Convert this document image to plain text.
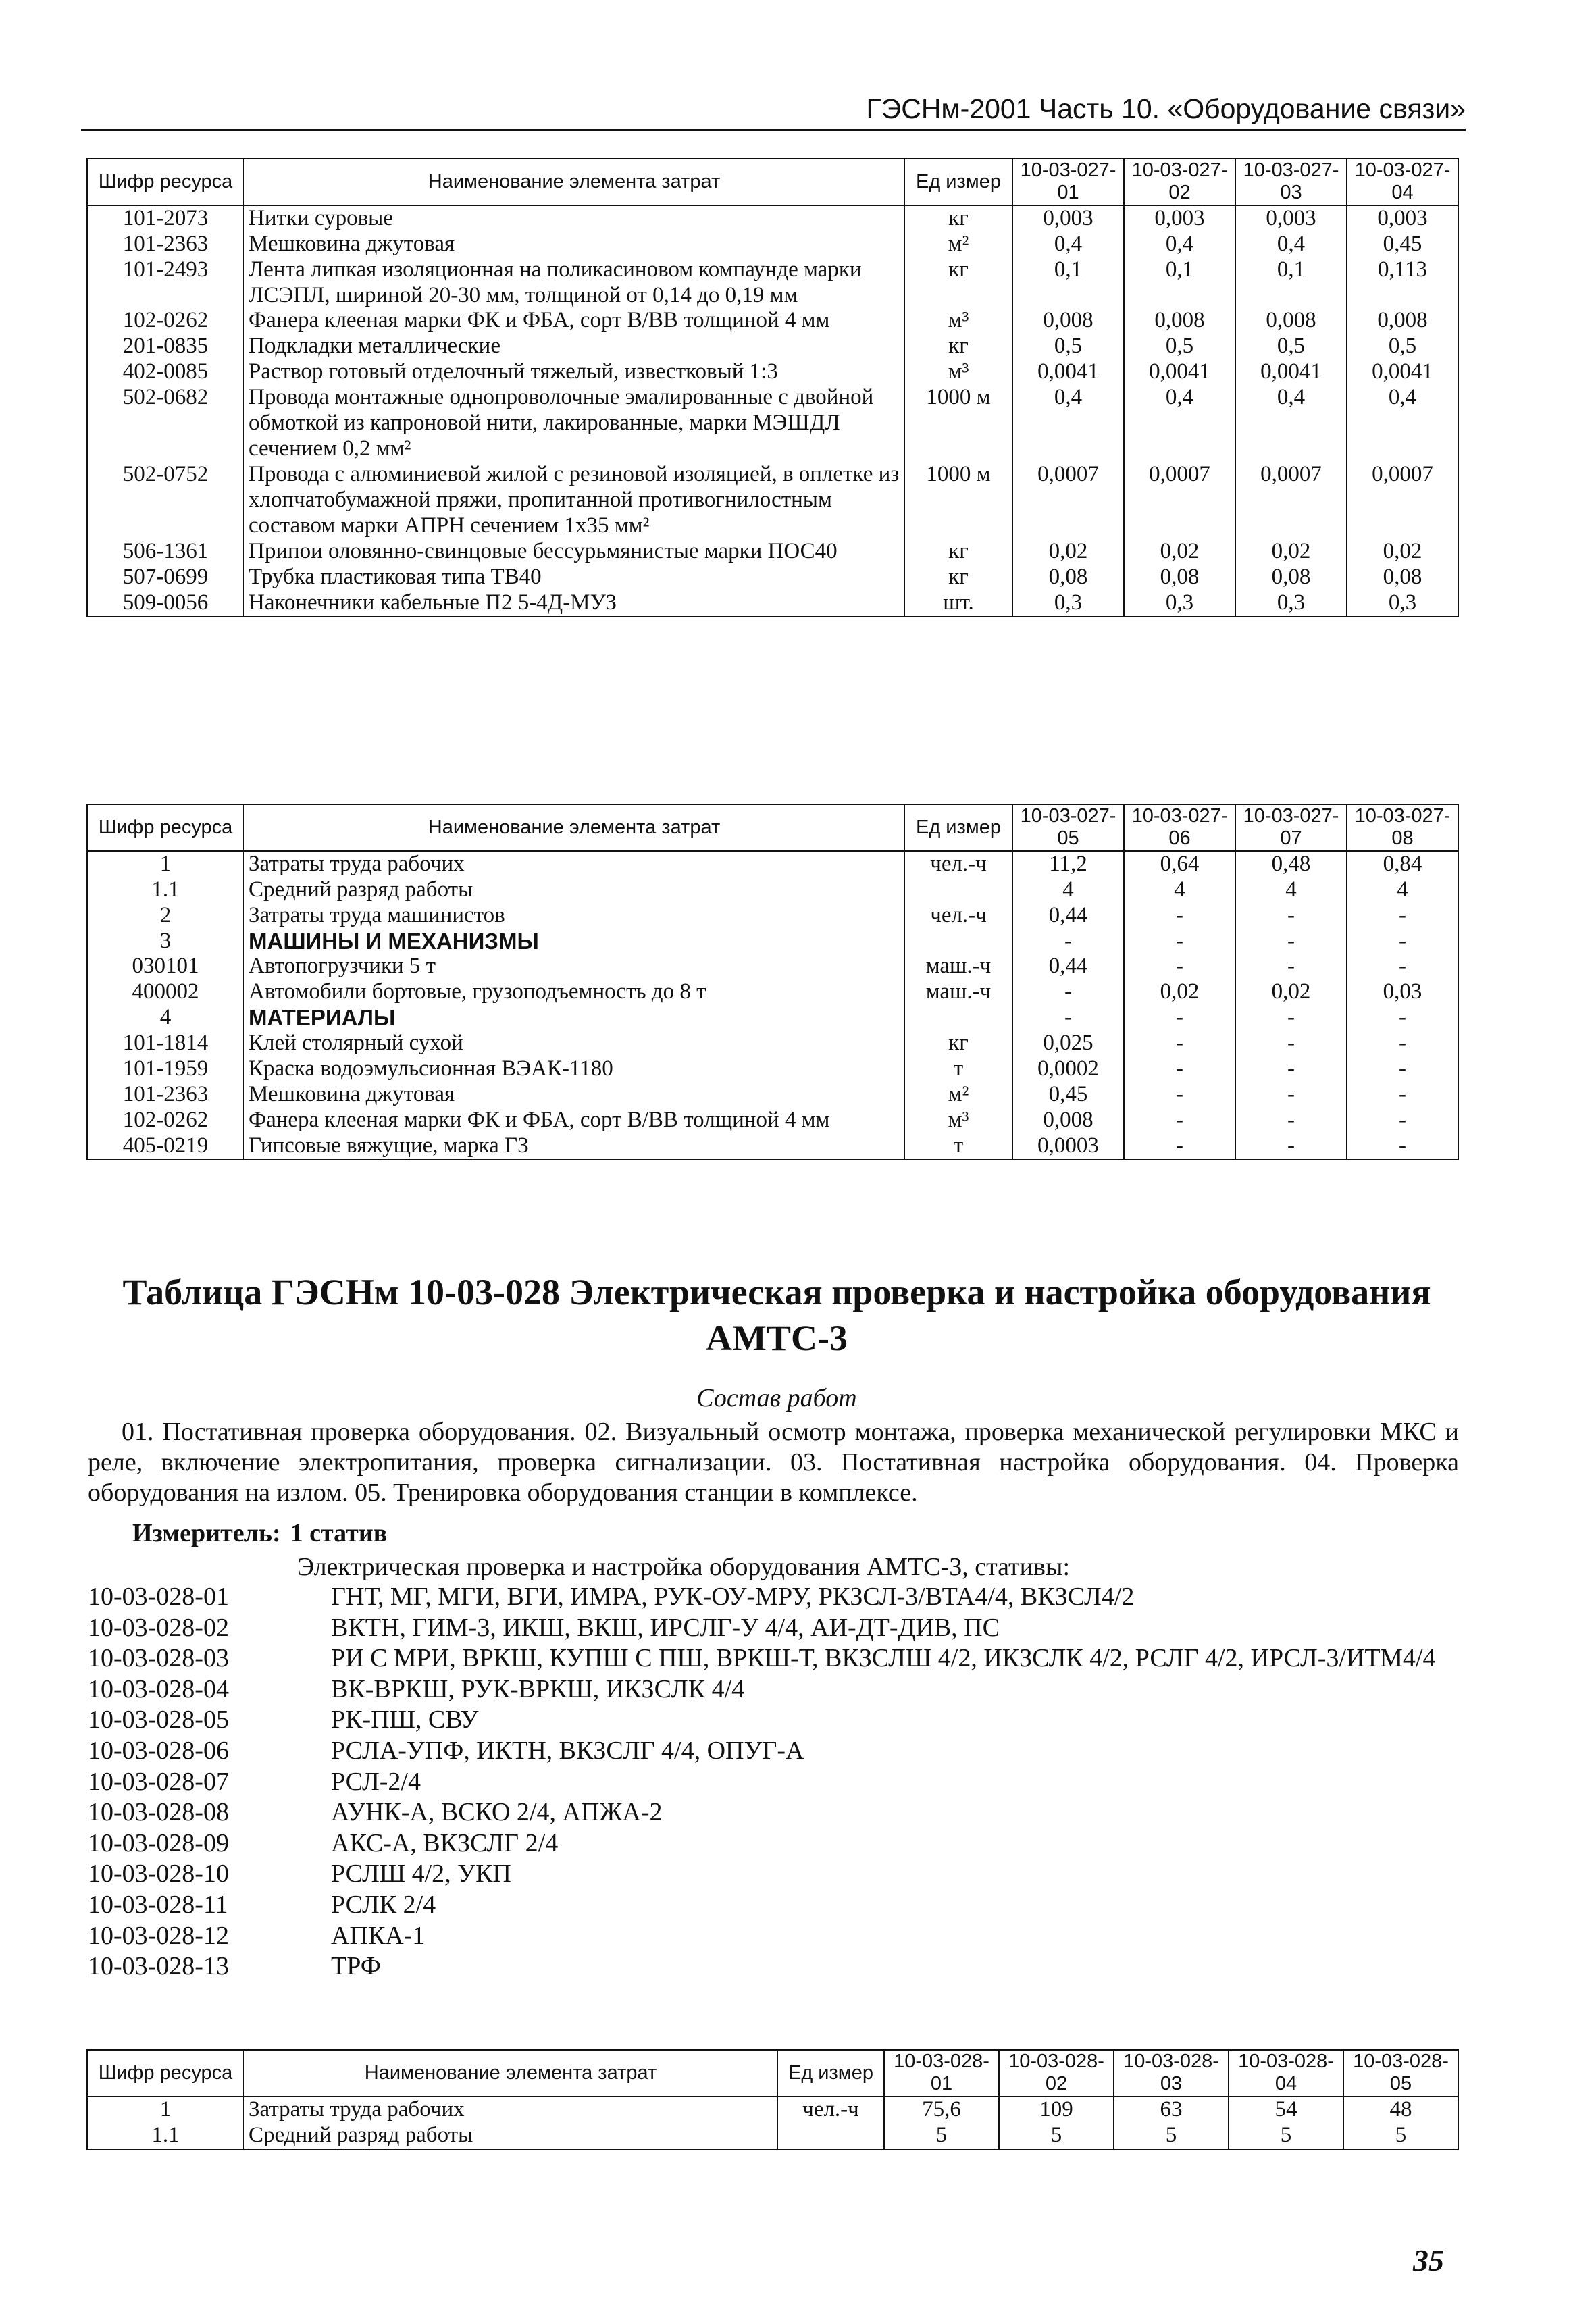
ГЭСНм-2001 Часть 10. «Оборудование связи»
Шифр ресурса	Наименование элемента затрат	Ед измер	10-03-027-01	10-03-027-02	10-03-027-03	10-03-027-04
101-2073	Нитки суровые	кг	0,003	0,003	0,003	0,003
101-2363	Мешковина джутовая	м²	0,4	0,4	0,4	0,45
101-2493	Лента липкая изоляционная на поликасиновом компаунде марки ЛСЭПЛ, шириной 20-30 мм, толщиной от 0,14 до 0,19 мм	кг	0,1	0,1	0,1	0,113
102-0262	Фанера клееная марки ФК и ФБА, сорт В/ВВ толщиной 4 мм	м³	0,008	0,008	0,008	0,008
201-0835	Подкладки металлические	кг	0,5	0,5	0,5	0,5
402-0085	Раствор готовый отделочный тяжелый, известковый 1:3	м³	0,0041	0,0041	0,0041	0,0041
502-0682	Провода монтажные однопроволочные эмалированные с двойной обмоткой из капроновой нити, лакированные, марки МЭШДЛ сечением 0,2 мм²	1000 м	0,4	0,4	0,4	0,4
502-0752	Провода с алюминиевой жилой с резиновой изоляцией, в оплетке из хлопчатобумажной пряжи, пропитанной противогнилостным составом марки АПРН сечением 1х35 мм²	1000 м	0,0007	0,0007	0,0007	0,0007
506-1361	Припои оловянно-свинцовые бессурьмянистые марки ПОС40	кг	0,02	0,02	0,02	0,02
507-0699	Трубка пластиковая типа ТВ40	кг	0,08	0,08	0,08	0,08
509-0056	Наконечники кабельные П2 5-4Д-МУЗ	шт.	0,3	0,3	0,3	0,3
Шифр ресурса	Наименование элемента затрат	Ед измер	10-03-027-05	10-03-027-06	10-03-027-07	10-03-027-08
1	Затраты труда рабочих	чел.-ч	11,2	0,64	0,48	0,84
1.1	Средний разряд работы		4	4	4	4
2	Затраты труда машинистов	чел.-ч	0,44	-	-	-
3	МАШИНЫ И МЕХАНИЗМЫ		-	-	-	-
030101	Автопогрузчики 5 т	маш.-ч	0,44	-	-	-
400002	Автомобили бортовые, грузоподъемность до 8 т	маш.-ч	-	0,02	0,02	0,03
4	МАТЕРИАЛЫ		-	-	-	-
101-1814	Клей столярный сухой	кг	0,025	-	-	-
101-1959	Краска водоэмульсионная ВЭАК-1180	т	0,0002	-	-	-
101-2363	Мешковина джутовая	м²	0,45	-	-	-
102-0262	Фанера клееная марки ФК и ФБА, сорт В/ВВ толщиной 4 мм	м³	0,008	-	-	-
405-0219	Гипсовые вяжущие, марка Г3	т	0,0003	-	-	-
Таблица ГЭСНм 10-03-028 Электрическая проверка и настройка оборудования АМТС-3
Состав работ
01. Постативная проверка оборудования. 02. Визуальный осмотр монтажа, проверка механической регулировки МКС и реле, включение электропитания, проверка сигнализации. 03. Постативная настройка оборудования. 04. Проверка оборудования на излом. 05. Тренировка оборудования станции в комплексе.
Измеритель: 1 статив
Электрическая проверка и настройка оборудования АМТС-3, стативы:
10-03-028-01	ГНТ, МГ, МГИ, ВГИ, ИМРА, РУК-ОУ-МРУ, РКЗСЛ-3/ВТА4/4, ВКЗСЛ4/2
10-03-028-02	ВКТН, ГИМ-3, ИКШ, ВКШ, ИРСЛГ-У 4/4, АИ-ДТ-ДИВ, ПС
10-03-028-03	РИ С МРИ, ВРКШ, КУПШ С ПШ, ВРКШ-Т, ВКЗСЛШ 4/2, ИКЗСЛК 4/2, РСЛГ 4/2, ИРСЛ-3/ИТМ4/4
10-03-028-04	ВК-ВРКШ, РУК-ВРКШ, ИКЗСЛК 4/4
10-03-028-05	РК-ПШ, СВУ
10-03-028-06	РСЛА-УПФ, ИКТН, ВКЗСЛГ 4/4, ОПУГ-А
10-03-028-07	РСЛ-2/4
10-03-028-08	АУНК-А, ВСКО 2/4, АПЖА-2
10-03-028-09	АКС-А, ВКЗСЛГ 2/4
10-03-028-10	РСЛШ 4/2, УКП
10-03-028-11	РСЛК 2/4
10-03-028-12	АПКА-1
10-03-028-13	ТРФ
Шифр ресурса	Наименование элемента затрат	Ед измер	10-03-028-01	10-03-028-02	10-03-028-03	10-03-028-04	10-03-028-05
1	Затраты труда рабочих	чел.-ч	75,6	109	63	54	48
1.1	Средний разряд работы		5	5	5	5	5
35
